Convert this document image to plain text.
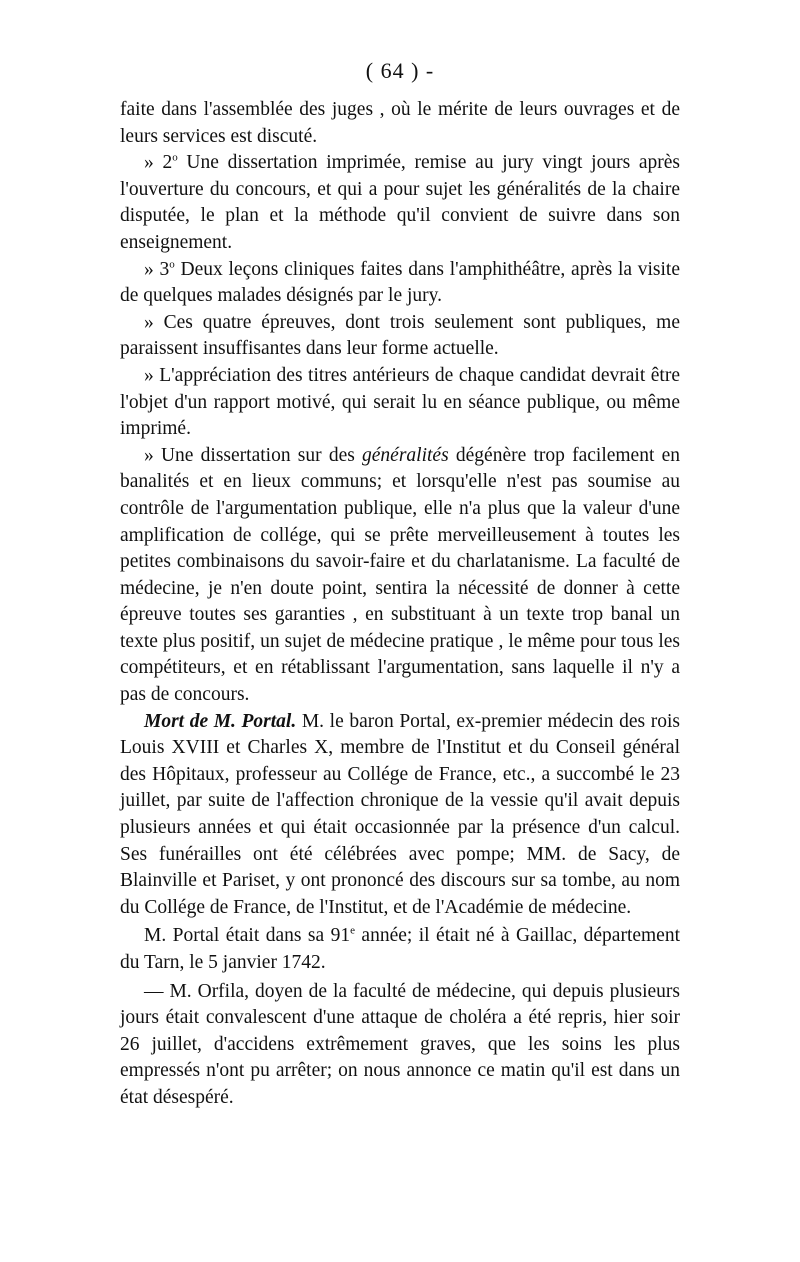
( 64 ) -

faite dans l'assemblée des juges , où le mérite de leurs ouvrages et de leurs services est discuté.

» 2$^o$ Une dissertation imprimée, remise au jury vingt jours après l'ouverture du concours, et qui a pour sujet les généralités de la chaire disputée, le plan et la méthode qu'il convient de suivre dans son enseignement.

» 3$^o$ Deux leçons cliniques faites dans l'amphithéâtre, après la visite de quelques malades désignés par le jury.

» Ces quatre épreuves, dont trois seulement sont publiques, me paraissent insuffisantes dans leur forme actuelle.

» L'appréciation des titres antérieurs de chaque candidat devrait être l'objet d'un rapport motivé, qui serait lu en séance publique, ou même imprimé.

» Une dissertation sur des généralités dégénère trop facilement en banalités et en lieux communs; et lorsqu'elle n'est pas soumise au contrôle de l'argumentation publique, elle n'a plus que la valeur d'une amplification de collége, qui se prête merveilleusement à toutes les petites combinaisons du savoir-faire et du charlatanisme. La faculté de médecine, je n'en doute point, sentira la nécessité de donner à cette épreuve toutes ses garanties , en substituant à un texte trop banal un texte plus positif, un sujet de médecine pratique , le même pour tous les compétiteurs, et en rétablissant l'argumentation, sans laquelle il n'y a pas de concours.

Mort de M. Portal. M. le baron Portal, ex-premier médecin des rois Louis XVIII et Charles X, membre de l'Institut et du Conseil général des Hôpitaux, professeur au Collége de France, etc., a succombé le 23 juillet, par suite de l'affection chronique de la vessie qu'il avait depuis plusieurs années et qui était occasionnée par la présence d'un calcul. Ses funérailles ont été célébrées avec pompe; MM. de Sacy, de Blainville et Pariset, y ont prononcé des discours sur sa tombe, au nom du Collége de France, de l'Institut, et de l'Académie de médecine.

M. Portal était dans sa 91e année; il était né à Gaillac, département du Tarn, le 5 janvier 1742.

— M. Orfila, doyen de la faculté de médecine, qui depuis plusieurs jours était convalescent d'une attaque de choléra a été repris, hier soir 26 juillet, d'accidens extrêmement graves, que les soins les plus empressés n'ont pu arrêter; on nous annonce ce matin qu'il est dans un état désespéré.
